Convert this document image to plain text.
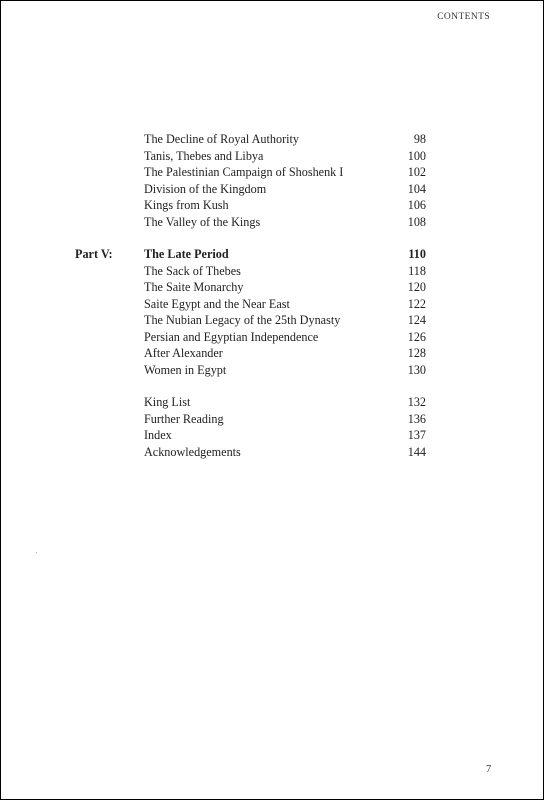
CONTENTS
The Decline of Royal Authority	98
Tanis, Thebes and Libya	100
The Palestinian Campaign of Shoshenk I	102
Division of the Kingdom	104
Kings from Kush	106
The Valley of the Kings	108
Part V:	The Late Period	110
The Sack of Thebes	118
The Saite Monarchy	120
Saite Egypt and the Near East	122
The Nubian Legacy of the 25th Dynasty	124
Persian and Egyptian Independence	126
After Alexander	128
Women in Egypt	130
King List	132
Further Reading	136
Index	137
Acknowledgements	144
7
